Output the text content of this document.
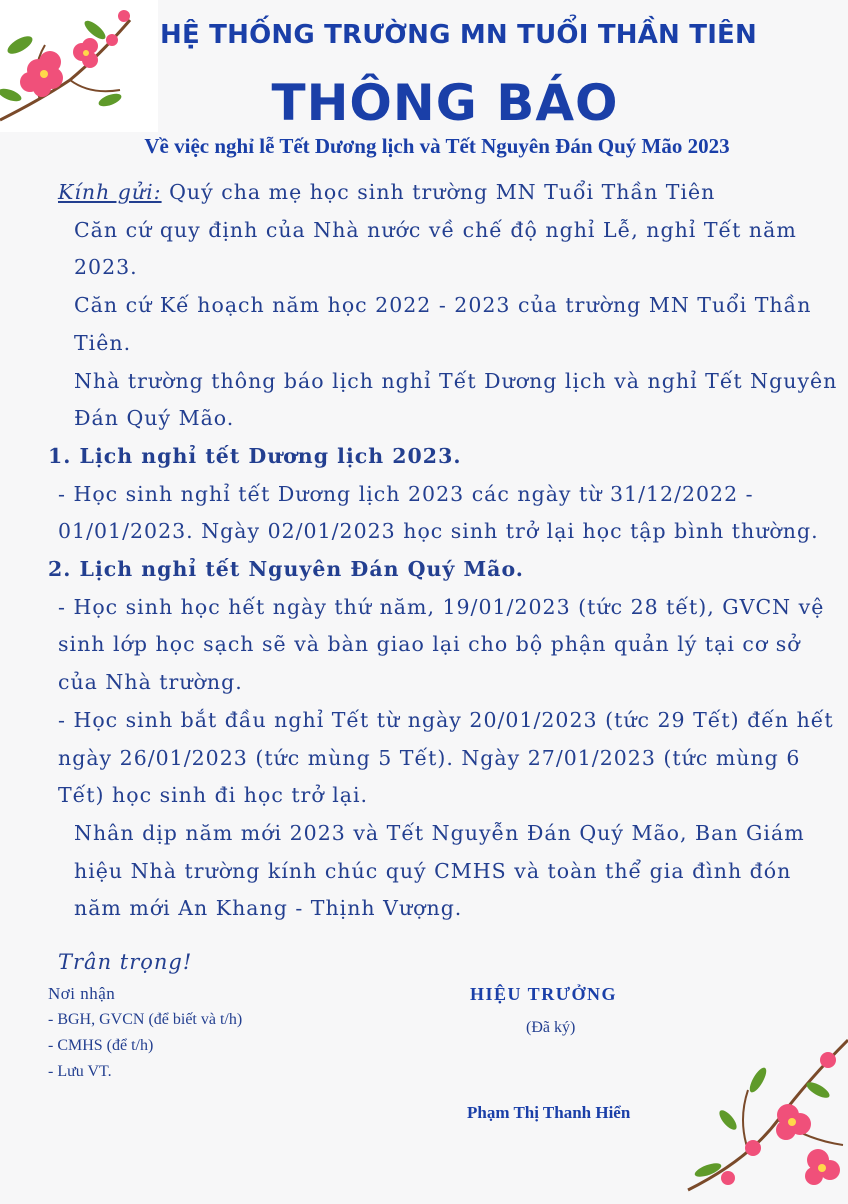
HỆ THỐNG TRƯỜNG MN TUỔI THẦN TIÊN
THÔNG BÁO
Về việc nghỉ lễ Tết Dương lịch và Tết Nguyên Đán Quý Mão 2023

Kính gửi: Quý cha mẹ học sinh trường MN Tuổi Thần Tiên

Căn cứ quy định của Nhà nước về chế độ nghỉ Lễ, nghỉ Tết năm 2023.

Căn cứ Kế hoạch năm học 2022 - 2023 của trường MN Tuổi Thần Tiên.

Nhà trường thông báo lịch nghỉ Tết Dương lịch và nghỉ Tết Nguyên Đán Quý Mão.

1. Lịch nghỉ tết Dương lịch 2023.

- Học sinh nghỉ tết Dương lịch 2023 các ngày từ 31/12/2022 - 01/01/2023. Ngày 02/01/2023 học sinh trở lại học tập bình thường.

2. Lịch nghỉ tết Nguyên Đán Quý Mão.

- Học sinh học hết ngày thứ năm, 19/01/2023 (tức 28 tết), GVCN vệ sinh lớp học sạch sẽ và bàn giao lại cho bộ phận quản lý tại cơ sở của Nhà trường.

- Học sinh bắt đầu nghỉ Tết từ ngày 20/01/2023 (tức 29 Tết) đến hết ngày 26/01/2023 (tức mùng 5 Tết). Ngày 27/01/2023 (tức mùng 6 Tết) học sinh đi học trở lại.

Nhân dịp năm mới 2023 và Tết Nguyễn Đán Quý Mão, Ban Giám hiệu Nhà trường kính chúc quý CMHS và toàn thể gia đình đón năm mới An Khang - Thịnh Vượng.

Trân trọng!
Nơi nhận
- BGH, GVCN (để biết và t/h)
- CMHS (để t/h)
- Lưu VT.
HIỆU TRƯỞNG
(Đã ký)
Phạm Thị Thanh Hiển
